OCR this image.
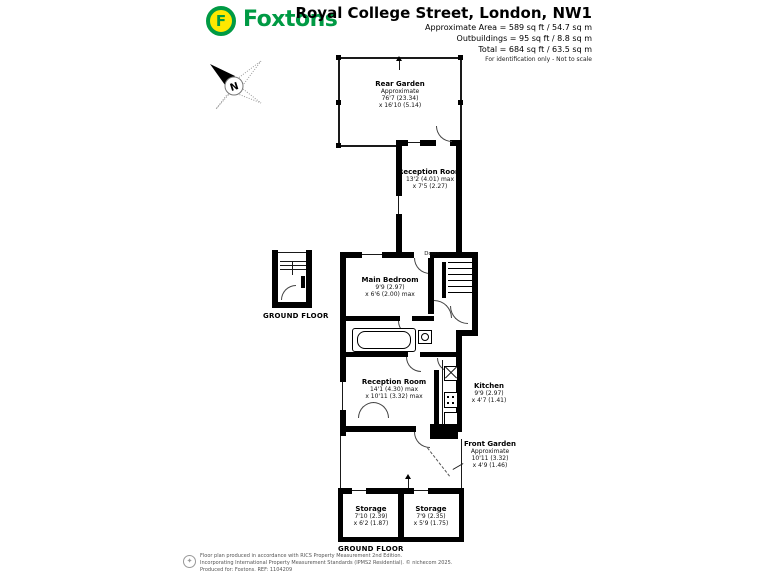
F Foxtons
Royal College Street, London, NW1
Approximate Area = 589 sq ft / 54.7 sq m
Outbuildings = 95 sq ft / 8.8 sq m
Total = 684 sq ft / 63.5 sq m
For identification only - Not to scale
N
GROUND FLOOR
Rear Garden
Approximate
76'7 (23.34)
x 16'10 (5.14)
Reception Room
13'2 (4.01) max
x 7'5 (2.27)
Down
Main Bedroom
9'9 (2.97)
x 6'6 (2.00) max
Reception Room
14'1 (4.30) max
x 10'11 (3.32) max
Kitchen
9'9 (2.97)
x 4'7 (1.41)
Front Garden
Approximate
10'11 (3.32)
x 4'9 (1.46)
Storage
7'10 (2.39)
x 6'2 (1.87)
Storage
7'9 (2.35)
x 5'9 (1.75)
GROUND FLOOR
✦
Floor plan produced in accordance with RICS Property Measurement 2nd Edition.
Incorporating International Property Measurement Standards (IPMS2 Residential). © nichecom 2025.
Produced for: Foxtons. REF: 1104209
